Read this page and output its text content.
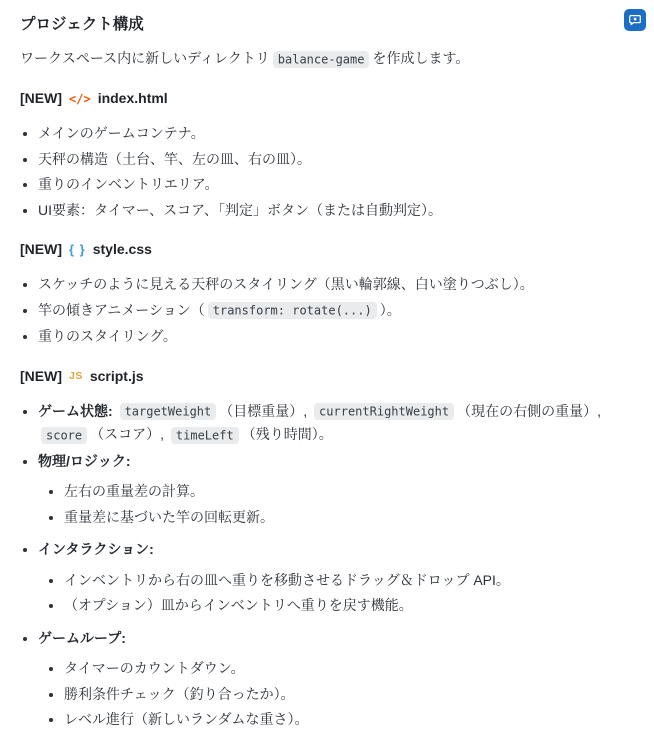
プロジェクト構成

ワークスペース内に新しいディレクトリ balance-game を作成します。

[NEW] </> index.html
• メインのゲームコンテナ。
• 天秤の構造（土台、竿、左の皿、右の皿）。
• 重りのインベントリエリア。
• UI要素：タイマー、スコア、「判定」ボタン（または自動判定）。
[NEW] { } style.css
• スケッチのように見える天秤のスタイリング（黒い輪郭線、白い塗りつぶし）。
• 竿の傾きアニメーション（ transform: rotate(...) ）。
• 重りのスタイリング。
[NEW] JS script.js
• ゲーム状態: targetWeight （目標重量）, currentRightWeight （現在の右側の重量）, score （スコア）, timeLeft （残り時間）。
• 物理/ロジック:
• 左右の重量差の計算。
• 重量差に基づいた竿の回転更新。
• インタラクション:
• インベントリから右の皿へ重りを移動させるドラッグ＆ドロップ API。
• （オプション）皿からインベントリへ重りを戻す機能。
• ゲームループ:
• タイマーのカウントダウン。
• 勝利条件チェック（釣り合ったか）。
• レベル進行（新しいランダムな重さ）。
